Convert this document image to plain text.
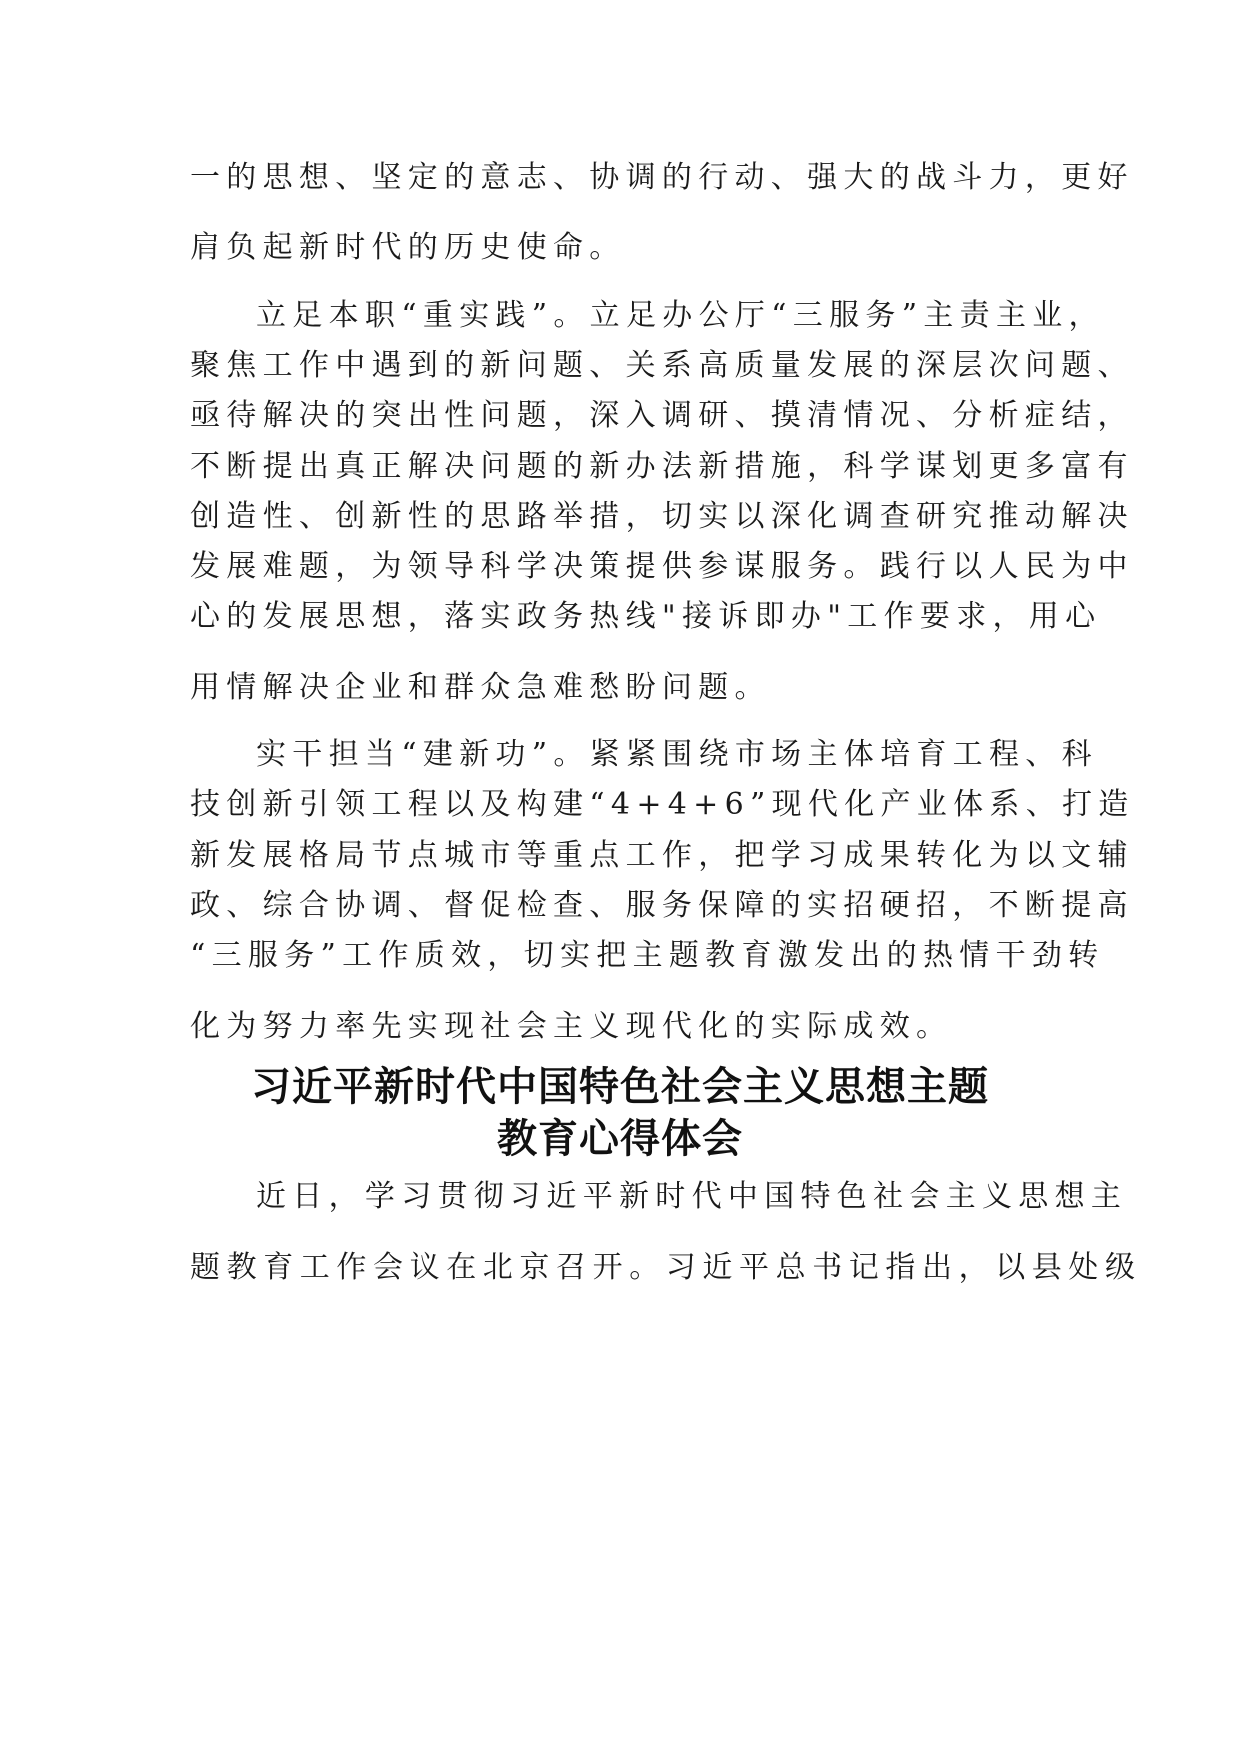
一的思想、坚定的意志、协调的行动、强大的战斗力，更好
肩负起新时代的历史使命。
立足本职“重实践”。立足办公厅“三服务”主责主业，
聚焦工作中遇到的新问题、关系高质量发展的深层次问题、
亟待解决的突出性问题，深入调研、摸清情况、分析症结，
不断提出真正解决问题的新办法新措施，科学谋划更多富有
创造性、创新性的思路举措，切实以深化调查研究推动解决
发展难题，为领导科学决策提供参谋服务。践行以人民为中
心的发展思想，落实政务热线"接诉即办"工作要求，用心
用情解决企业和群众急难愁盼问题。
实干担当“建新功”。紧紧围绕市场主体培育工程、科
技创新引领工程以及构建“4+4+6”现代化产业体系、打造
新发展格局节点城市等重点工作，把学习成果转化为以文辅
政、综合协调、督促检查、服务保障的实招硬招，不断提高
“三服务”工作质效，切实把主题教育激发出的热情干劲转
化为努力率先实现社会主义现代化的实际成效。
习近平新时代中国特色社会主义思想主题
教育心得体会
近日，学习贯彻习近平新时代中国特色社会主义思想主
题教育工作会议在北京召开。习近平总书记指出，以县处级
